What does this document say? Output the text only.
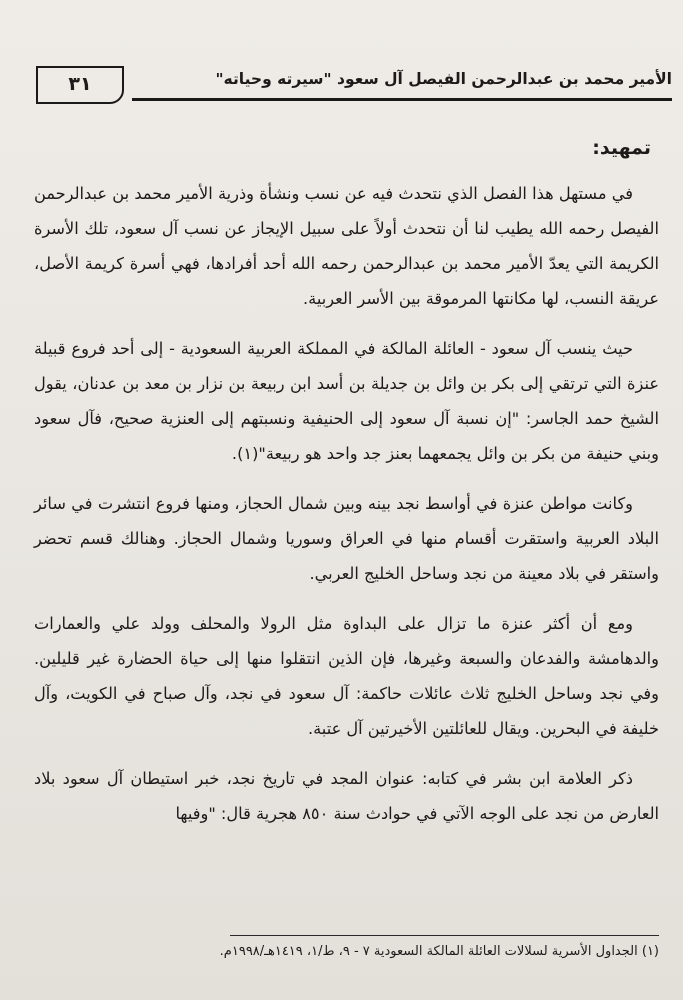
الأمير محمد بن عبدالرحمن الفيصل آل سعود "سيرته وحياته"
٣١
تمهيد:

في مستهل هذا الفصل الذي نتحدث فيه عن نسب ونشأة وذرية الأمير محمد بن عبدالرحمن الفيصل رحمه الله يطيب لنا أن نتحدث أولاً على سبيل الإيجاز عن نسب آل سعود، تلك الأسرة الكريمة التي يعدّ الأمير محمد بن عبدالرحمن رحمه الله أحد أفرادها، فهي أسرة كريمة الأصل، عريقة النسب، لها مكانتها المرموقة بين الأسر العربية.

حيث ينسب آل سعود - العائلة المالكة في المملكة العربية السعودية - إلى أحد فروع قبيلة عنزة التي ترتقي إلى بكر بن وائل بن جديلة بن أسد ابن ربيعة بن نزار بن معد بن عدنان، يقول الشيخ حمد الجاسر: "إن نسبة آل سعود إلى الحنيفية ونسبتهم إلى العنزية صحيح، فآل سعود وبني حنيفة من بكر بن وائل يجمعهما بعنز جد واحد هو ربيعة"(١).

وكانت مواطن عنزة في أواسط نجد بينه وبين شمال الحجاز، ومنها فروع انتشرت في سائر البلاد العربية واستقرت أقسام منها في العراق وسوريا وشمال الحجاز. وهنالك قسم تحضر واستقر في بلاد معينة من نجد وساحل الخليج العربي.

ومع أن أكثر عنزة ما تزال على البداوة مثل الرولا والمحلف وولد علي والعمارات والدهامشة والفدعان والسبعة وغيرها، فإن الذين انتقلوا منها إلى حياة الحضارة غير قليلين. وفي نجد وساحل الخليج ثلاث عائلات حاكمة: آل سعود في نجد، وآل صباح في الكويت، وآل خليفة في البحرين. ويقال للعائلتين الأخيرتين آل عتبة.

ذكر العلامة ابن بشر في كتابه: عنوان المجد في تاريخ نجد، خبر استيطان آل سعود بلاد العارض من نجد على الوجه الآتي في حوادث سنة ٨٥٠ هجرية قال: "وفيها

(١) الجداول الأسرية لسلالات العائلة المالكة السعودية ٧ - ٩، ط/١، ١٤١٩هـ/١٩٩٨م.
